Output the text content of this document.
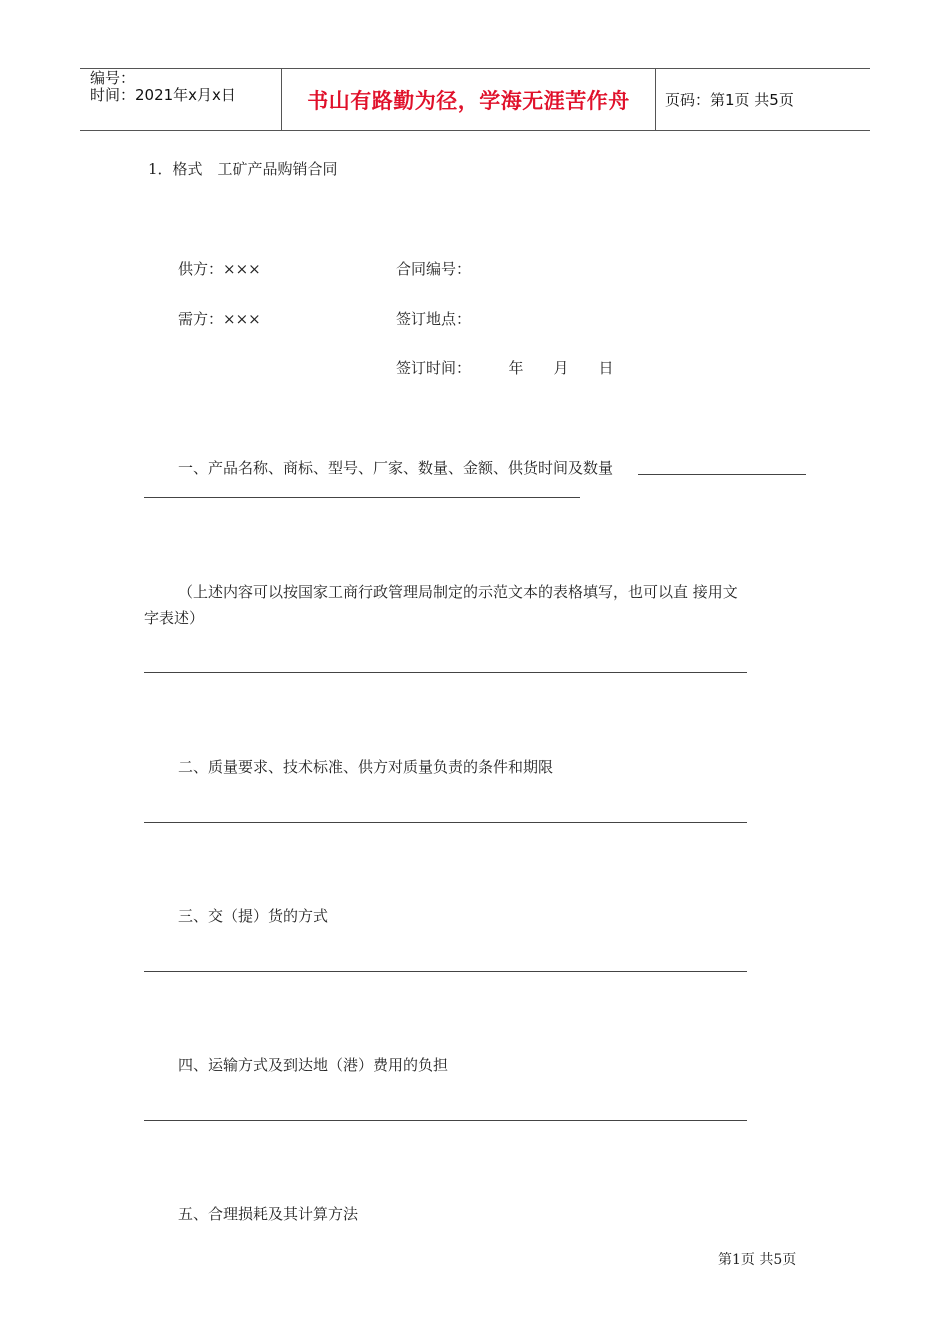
编号：
时间：2021年x月x日	书山有路勤为径，学海无涯苦作舟	页码：第1页 共5页
1．格式　工矿产品购销合同
供方：×××	合同编号：
需方：×××	签订地点：
签订时间：　　　年　　月　　日
一、产品名称、商标、型号、厂家、数量、金额、供货时间及数量
（上述内容可以按国家工商行政管理局制定的示范文本的表格填写，也可以直 接用文
字表述）
二、质量要求、技术标准、供方对质量负责的条件和期限
三、交（提）货的方式
四、运输方式及到达地（港）费用的负担
五、合理损耗及其计算方法
第1页 共5页
